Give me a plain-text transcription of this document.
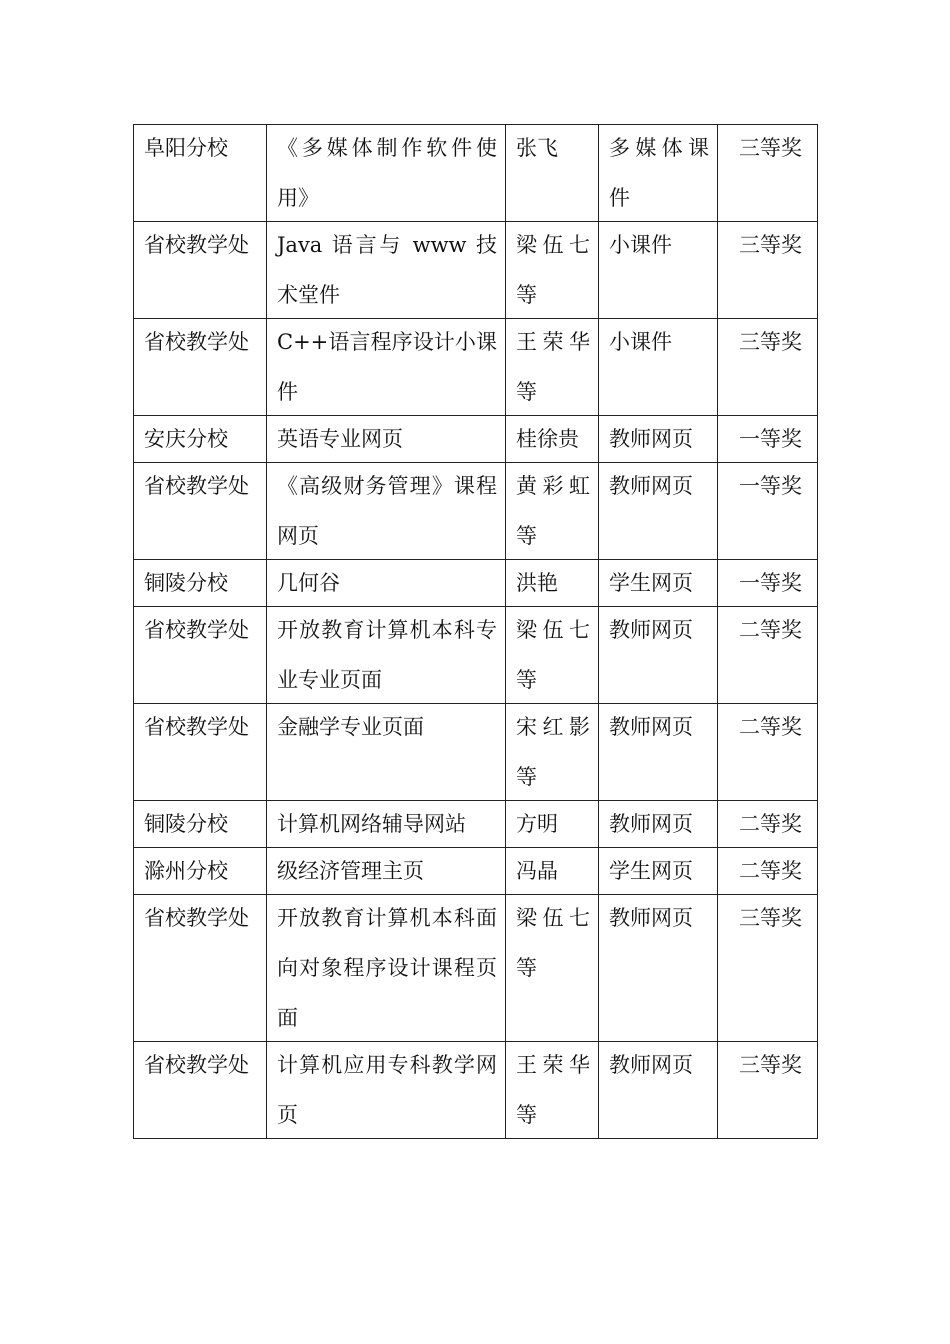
阜阳分校	《多媒体制作软件使用》	张飞	多媒体课件	三等奖

省校教学处	Java 语言与 www 技术堂件	梁伍七等	小课件	三等奖

省校教学处	C++语言程序设计小课件	王荣华等	小课件	三等奖

安庆分校	英语专业网页	桂徐贵	教师网页	一等奖

省校教学处	《高级财务管理》课程网页	黄彩虹等	教师网页	一等奖

铜陵分校	几何谷	洪艳	学生网页	一等奖

省校教学处	开放教育计算机本科专业专业页面	梁伍七等	教师网页	二等奖

省校教学处	金融学专业页面	宋红影等	教师网页	二等奖

铜陵分校	计算机网络辅导网站	方明	教师网页	二等奖

滁州分校	级经济管理主页	冯晶	学生网页	二等奖

省校教学处	开放教育计算机本科面向对象程序设计课程页面	梁伍七等	教师网页	三等奖

省校教学处	计算机应用专科教学网页	王荣华等	教师网页	三等奖
